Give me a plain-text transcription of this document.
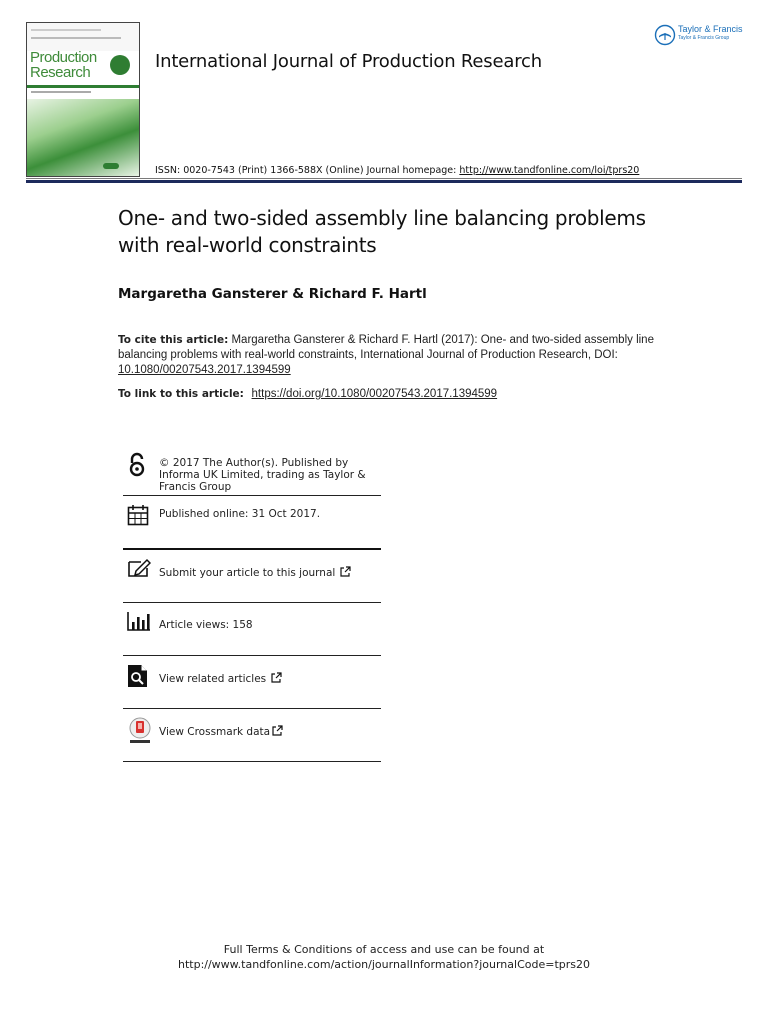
Production
Research
International Journal of Production Research
Taylor & Francis
Taylor & Francis Group
ISSN: 0020-7543 (Print) 1366-588X (Online) Journal homepage: http://www.tandfonline.com/loi/tprs20
One- and two-sided assembly line balancing problems with real-world constraints
Margaretha Gansterer & Richard F. Hartl
To cite this article: Margaretha Gansterer & Richard F. Hartl (2017): One- and two-sided assembly line balancing problems with real-world constraints, International Journal of Production Research, DOI: 10.1080/00207543.2017.1394599
To link to this article: https://doi.org/10.1080/00207543.2017.1394599
© 2017 The Author(s). Published by Informa UK Limited, trading as Taylor & Francis Group
Published online: 31 Oct 2017.
Submit your article to this journal
Article views: 158
View related articles
View Crossmark data
Full Terms & Conditions of access and use can be found at
http://www.tandfonline.com/action/journalInformation?journalCode=tprs20
